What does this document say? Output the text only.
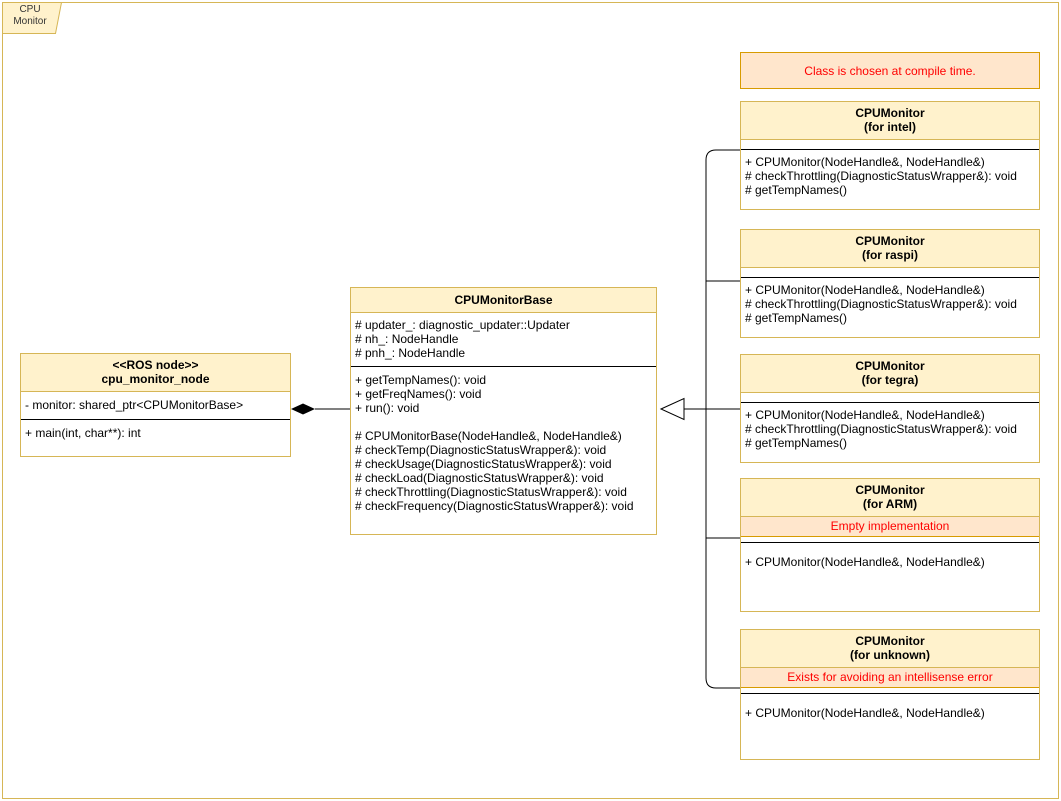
CPU Monitor
Class is chosen at compile time.
<<ROS node>>
cpu_monitor_node
- monitor: shared_ptr<CPUMonitorBase>
+ main(int, char**): int
CPUMonitorBase
# updater_: diagnostic_updater::Updater
# nh_: NodeHandle
# pnh_: NodeHandle
+ getTempNames(): void
+ getFreqNames(): void
+ run(): void

# CPUMonitorBase(NodeHandle&, NodeHandle&)
# checkTemp(DiagnosticStatusWrapper&): void
# checkUsage(DiagnosticStatusWrapper&): void
# checkLoad(DiagnosticStatusWrapper&): void
# checkThrottling(DiagnosticStatusWrapper&): void
# checkFrequency(DiagnosticStatusWrapper&): void
CPUMonitor
(for intel)
+ CPUMonitor(NodeHandle&, NodeHandle&)
# checkThrottling(DiagnosticStatusWrapper&): void
# getTempNames()
CPUMonitor
(for raspi)
+ CPUMonitor(NodeHandle&, NodeHandle&)
# checkThrottling(DiagnosticStatusWrapper&): void
# getTempNames()
CPUMonitor
(for tegra)
+ CPUMonitor(NodeHandle&, NodeHandle&)
# checkThrottling(DiagnosticStatusWrapper&): void
# getTempNames()
CPUMonitor
(for ARM)
Empty implementation
+ CPUMonitor(NodeHandle&, NodeHandle&)
CPUMonitor
(for unknown)
Exists for avoiding an intellisense error
+ CPUMonitor(NodeHandle&, NodeHandle&)
